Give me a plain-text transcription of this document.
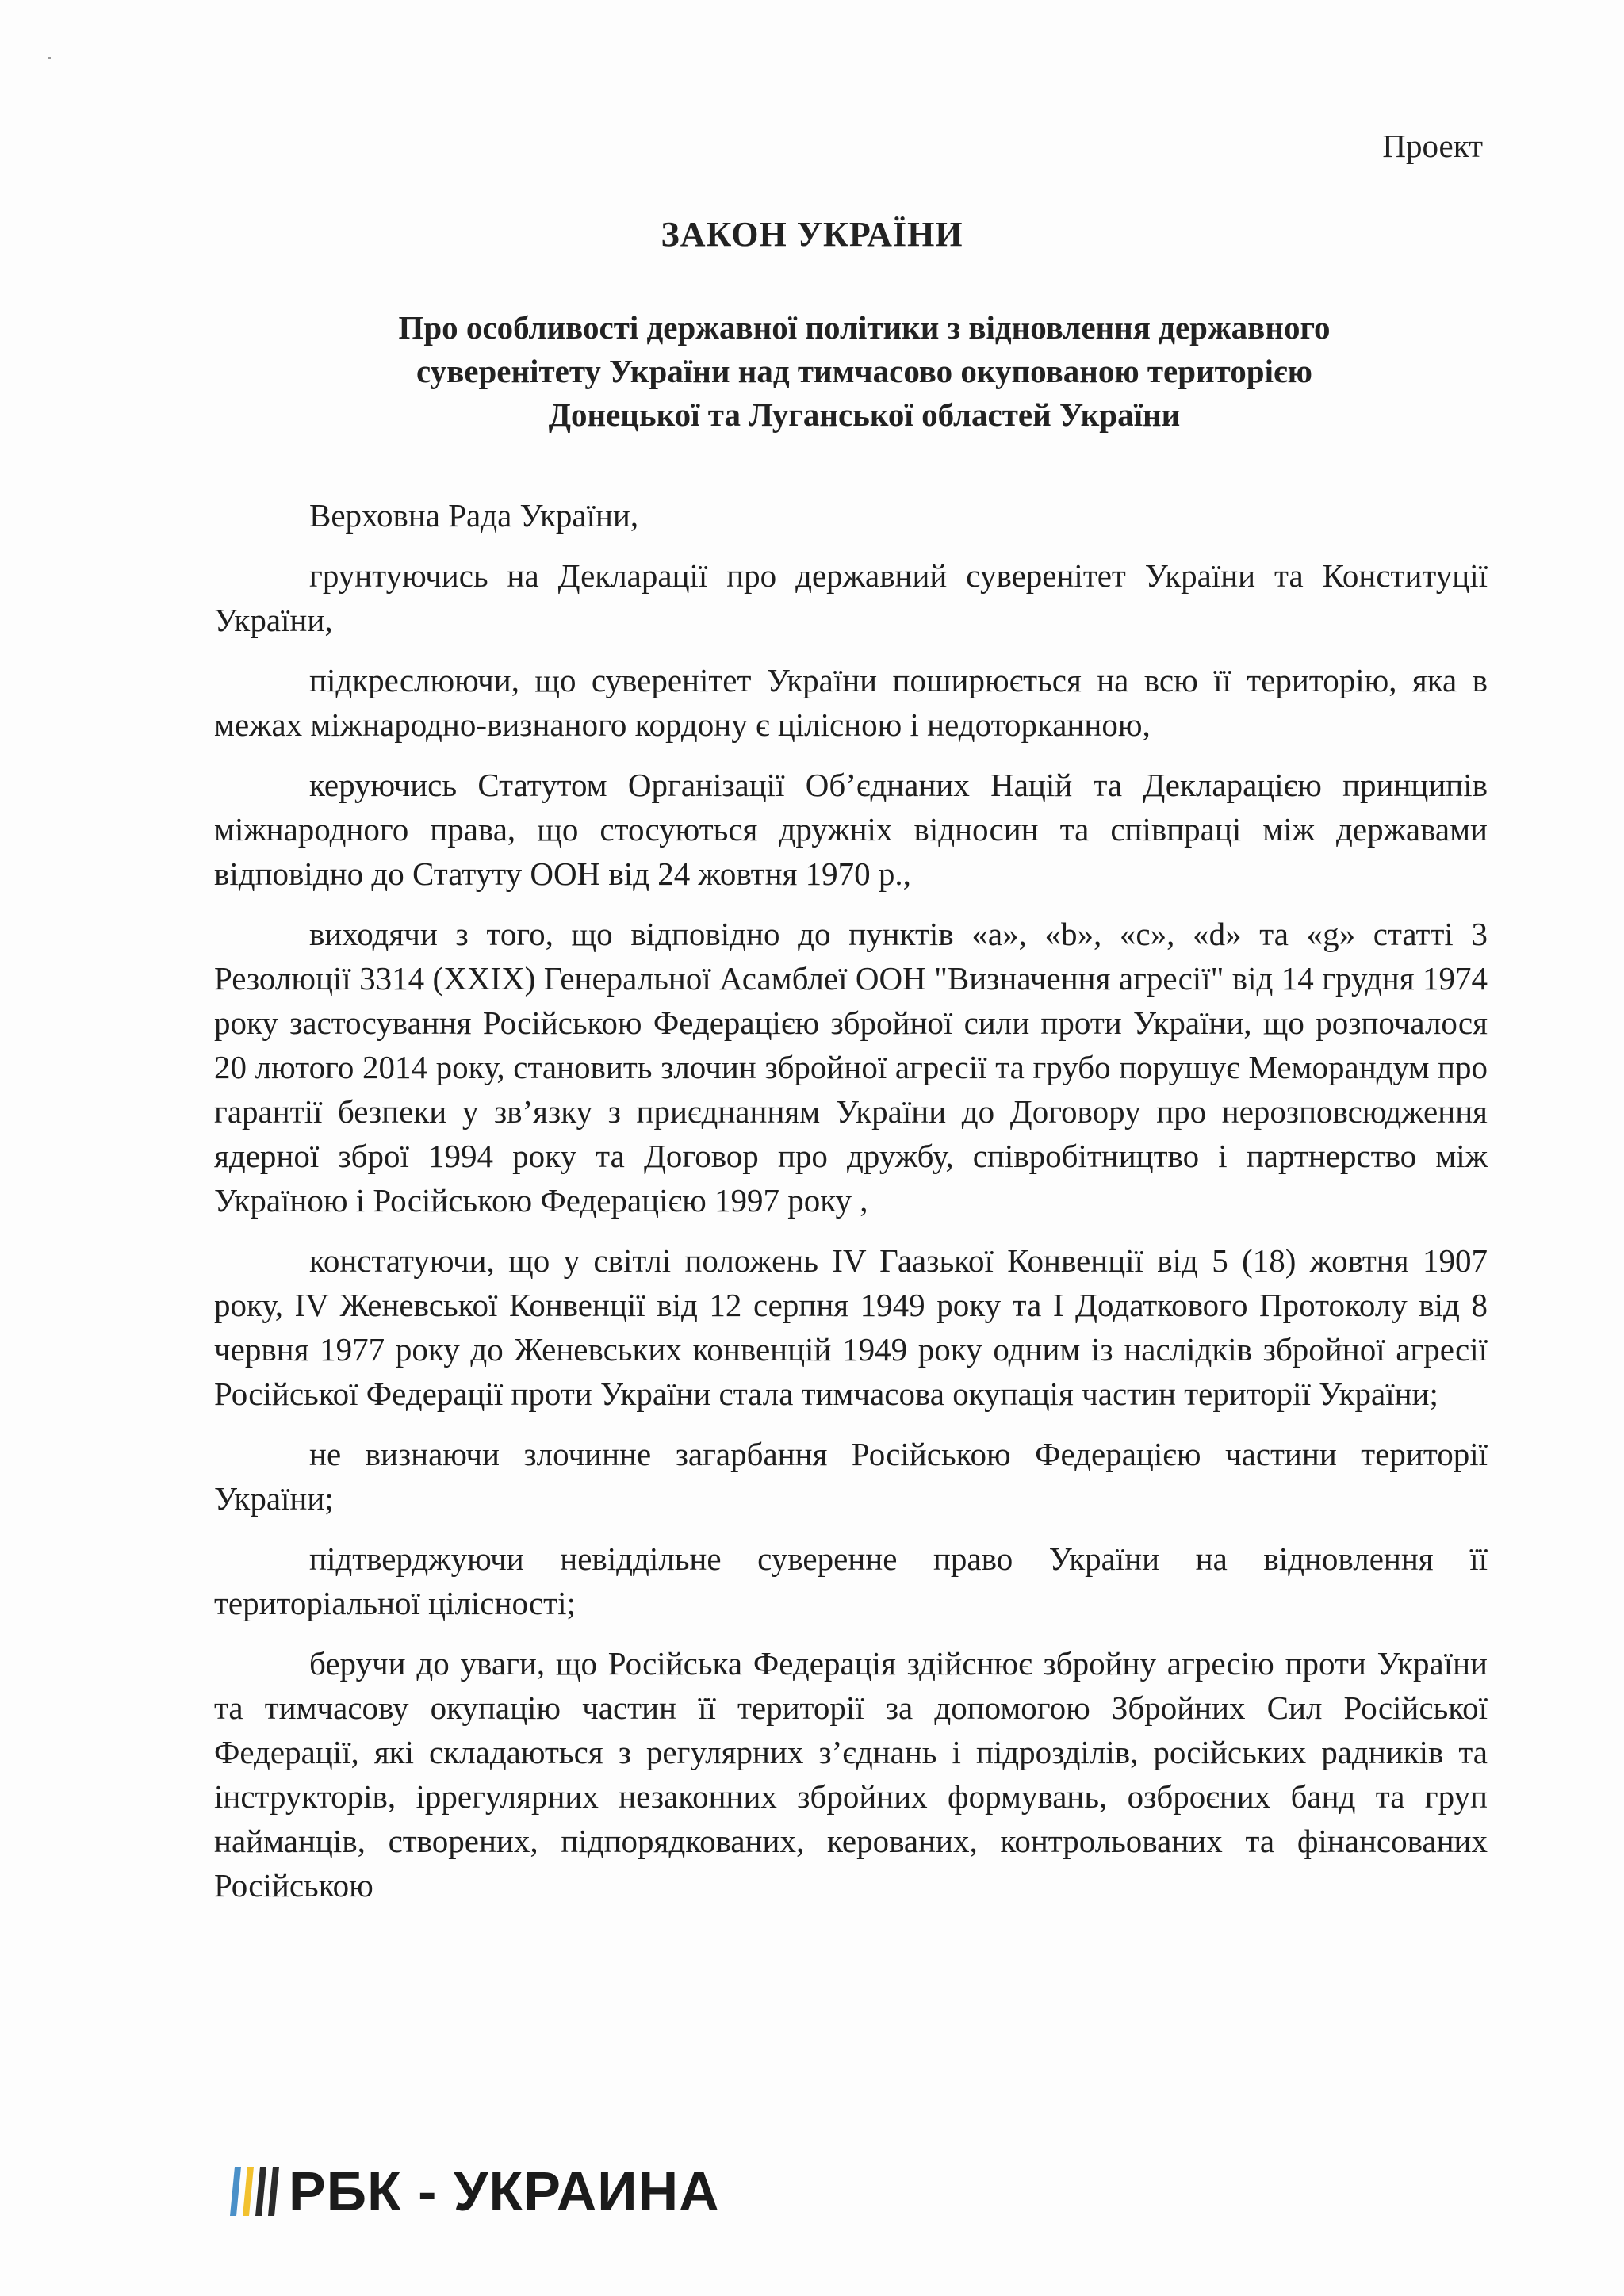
Проект
ЗАКОН УКРАЇНИ
Про особливості державної політики з відновлення державного
суверенітету України над тимчасово окупованою територією
Донецької та Луганської областей України

Верховна Рада України,

грунтуючись на Декларації про державний суверенітет України та Конституції України,

підкреслюючи, що суверенітет України поширюється на всю її територію, яка в межах міжнародно-визнаного кордону є цілісною і недоторканною,

керуючись Статутом Організації Об’єднаних Націй та Декларацією принципів міжнародного права, що стосуються дружніх відносин та співпраці між державами відповідно до Статуту ООН від 24 жовтня 1970 р.,

виходячи з того, що відповідно до пунктів «a», «b», «c», «d» та «g» статті 3 Резолюції 3314 (XXIX) Генеральної Асамблеї ООН "Визначення агресії" від 14 грудня 1974 року застосування Російською Федерацією збройної сили проти України, що розпочалося 20 лютого 2014 року, становить злочин збройної агресії та грубо порушує Меморандум про гарантії безпеки у зв’язку з приєднанням України до Договору про нерозповсюдження ядерної зброї 1994 року та Договор про дружбу, співробітництво і партнерство між Україною і Російською Федерацією 1997 року ,

констатуючи, що у світлі положень IV Гаазької Конвенції від 5 (18) жовтня 1907 року, IV Женевської Конвенції від 12 серпня 1949 року та І Додаткового Протоколу від 8 червня 1977 року до Женевських конвенцій 1949 року одним із наслідків збройної агресії Російської Федерації проти України стала тимчасова окупація частин території України;

не визнаючи злочинне загарбання Російською Федерацією частини території України;

підтверджуючи невіддільне суверенне право України на відновлення її територіальної цілісності;

беручи до уваги, що Російська Федерація здійснює збройну агресію проти України та тимчасову окупацію частин її території за допомогою Збройних Сил Російської Федерації, які складаються з регулярних з’єднань і підрозділів, російських радників та інструкторів, іррегулярних незаконних збройних формувань, озброєних банд та груп найманців, створених, підпорядкованих, керованих, контрольованих та фінансованих Російською

РБК - УКРАИНА
